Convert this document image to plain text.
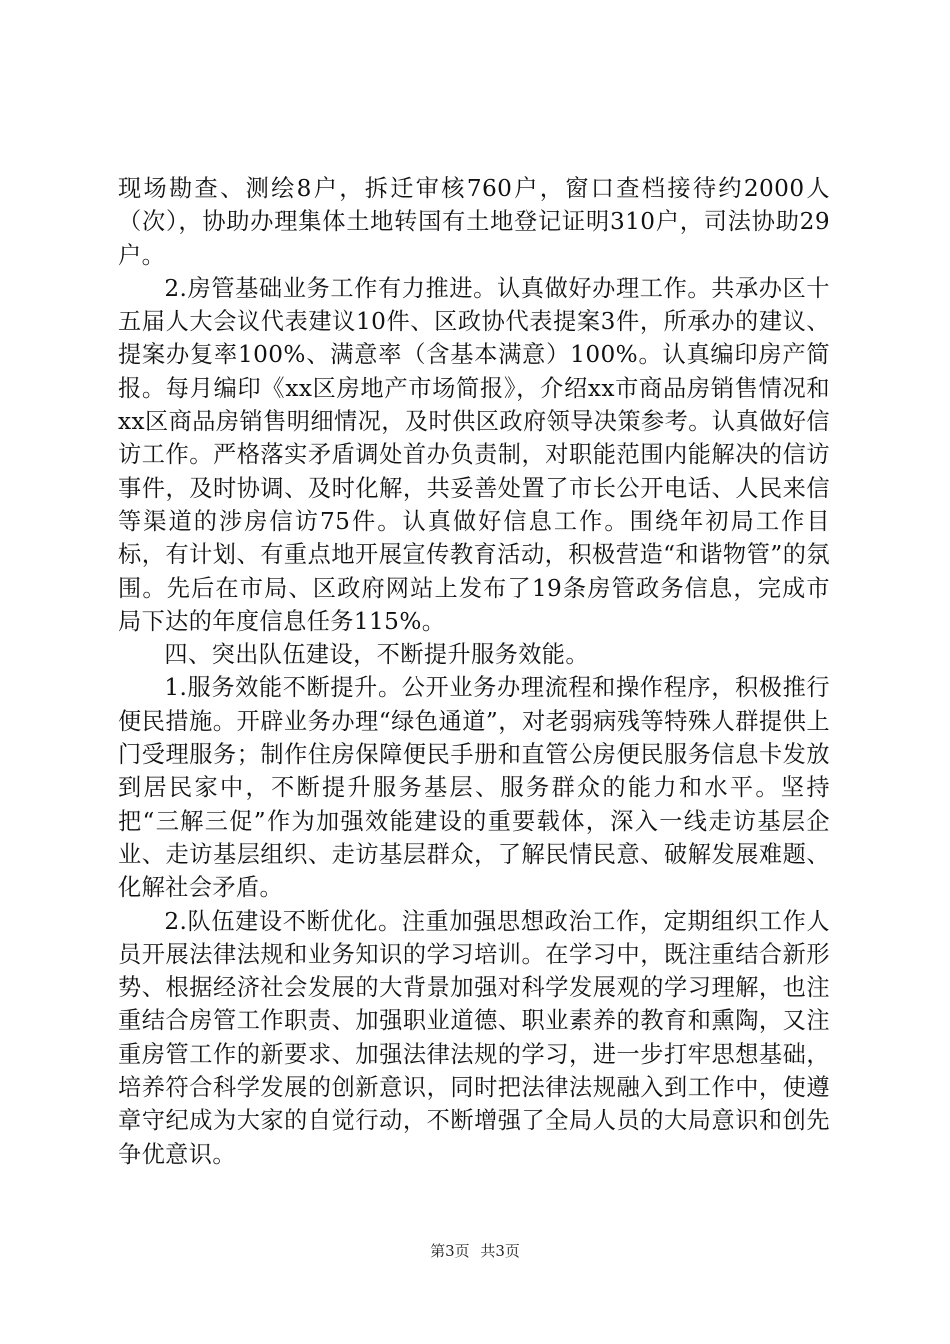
现场勘查、测绘8户，拆迁审核760户，窗口查档接待约2000人（次），协助办理集体土地转国有土地登记证明310户，司法协助29户。

2.房管基础业务工作有力推进。认真做好办理工作。共承办区十五届人大会议代表建议10件、区政协代表提案3件，所承办的建议、提案办复率100%、满意率（含基本满意）100%。认真编印房产简报。每月编印《xx区房地产市场简报》，介绍xx市商品房销售情况和xx区商品房销售明细情况，及时供区政府领导决策参考。认真做好信访工作。严格落实矛盾调处首办负责制，对职能范围内能解决的信访事件，及时协调、及时化解，共妥善处置了市长公开电话、人民来信等渠道的涉房信访75件。认真做好信息工作。围绕年初局工作目标，有计划、有重点地开展宣传教育活动，积极营造“和谐物管”的氛围。先后在市局、区政府网站上发布了19条房管政务信息，完成市局下达的年度信息任务115%。

四、突出队伍建设，不断提升服务效能。

1.服务效能不断提升。公开业务办理流程和操作程序，积极推行便民措施。开辟业务办理“绿色通道”，对老弱病残等特殊人群提供上门受理服务；制作住房保障便民手册和直管公房便民服务信息卡发放到居民家中，不断提升服务基层、服务群众的能力和水平。坚持把“三解三促”作为加强效能建设的重要载体，深入一线走访基层企业、走访基层组织、走访基层群众，了解民情民意、破解发展难题、化解社会矛盾。

2.队伍建设不断优化。注重加强思想政治工作，定期组织工作人员开展法律法规和业务知识的学习培训。在学习中，既注重结合新形势、根据经济社会发展的大背景加强对科学发展观的学习理解，也注重结合房管工作职责、加强职业道德、职业素养的教育和熏陶，又注重房管工作的新要求、加强法律法规的学习，进一步打牢思想基础，培养符合科学发展的创新意识，同时把法律法规融入到工作中，使遵章守纪成为大家的自觉行动，不断增强了全局人员的大局意识和创先争优意识。

第3页 共3页
